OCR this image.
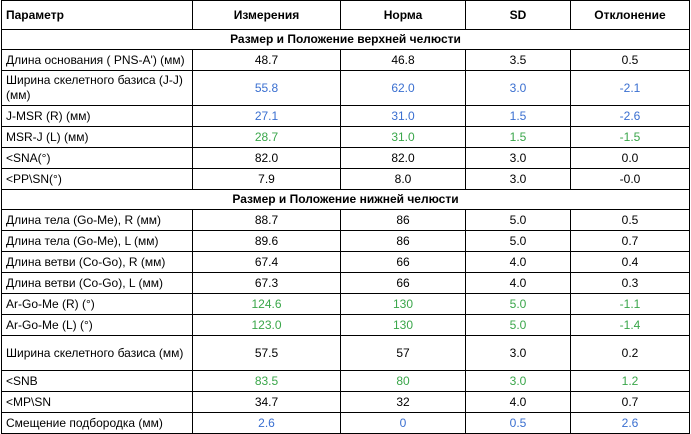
Параметр	Измерения	Норма	SD	Отклонение
Размер и Положение верхней челюсти				
Длина основания ( PNS-A') (мм)	48.7	46.8	3.5	0.5
Ширина скелетного базиса (J-J) (мм)	55.8	62.0	3.0	-2.1
J-MSR (R) (мм)	27.1	31.0	1.5	-2.6
MSR-J (L) (мм)	28.7	31.0	1.5	-1.5
<SNA(°)	82.0	82.0	3.0	0.0
<PP\SN(°)	7.9	8.0	3.0	-0.0
Размер и Положение нижней челюсти				
Длина тела (Go-Me), R (мм)	88.7	86	5.0	0.5
Длина тела (Go-Me), L (мм)	89.6	86	5.0	0.7
Длина ветви (Co-Go), R (мм)	67.4	66	4.0	0.4
Длина ветви (Co-Go), L (мм)	67.3	66	4.0	0.3
Ar-Go-Me (R) (°)	124.6	130	5.0	-1.1
Ar-Go-Me (L) (°)	123.0	130	5.0	-1.4
Ширина скелетного базиса (мм)	57.5	57	3.0	0.2
<SNB	83.5	80	3.0	1.2
<MP\SN	34.7	32	4.0	0.7
Смещение подбородка (мм)	2.6	0	0.5	2.6
